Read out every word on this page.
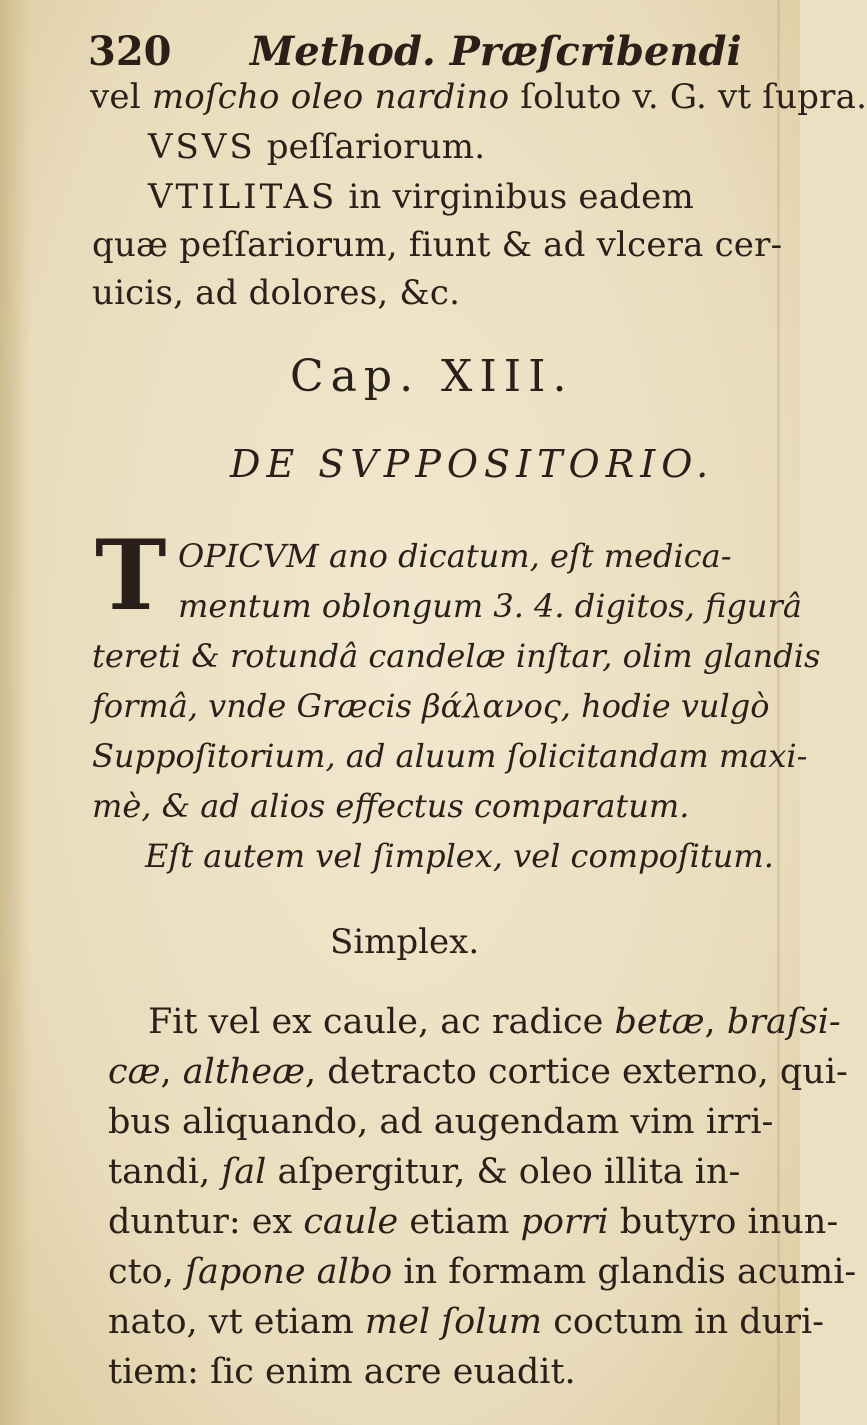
320 Method. Præſcribendi
vel moſcho oleo nardino ſoluto v. G. vt ſupra.
VSVS peſſariorum.
VTILITAS in virginibus eadem
quæ peſſariorum, fiunt & ad vlcera cer-
uicis, ad dolores, &c.
Cap. XIII.
DE SVPPOSITORIO.
T OPICVM ano dicatum, eſt medica-
mentum oblongum 3. 4. digitos, figurâ
tereti & rotundâ candelæ inſtar, olim glandis
formâ, vnde Græcis βάλανος, hodie vulgò
Suppoſitorium, ad aluum ſolicitandam maxi-
mè, & ad alios effectus comparatum.
Eſt autem vel ſimplex, vel compoſitum.
Simplex.
Fit vel ex caule, ac radice betæ, braſsi-
cæ, altheæ, detracto cortice externo, qui-
bus aliquando, ad augendam vim irri-
tandi, ſal aſpergitur, & oleo illita in-
duntur: ex caule etiam porri butyro inun-
cto, ſapone albo in formam glandis acumi-
nato, vt etiam mel ſolum coctum in duri-
tiem: ſic enim acre euadit.
